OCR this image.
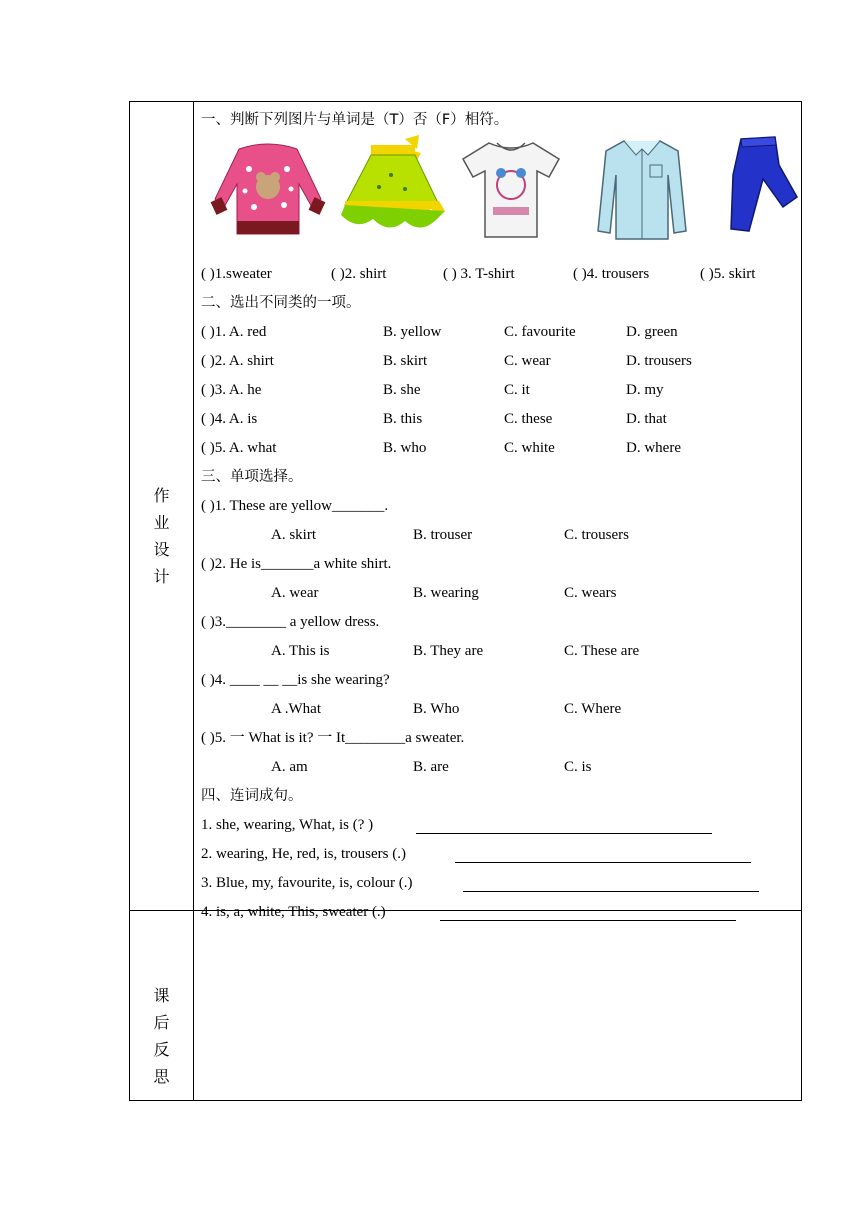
作 业
设 计
课 后
反 思
一、判断下列图片与单词是（T）否（F）相符。
( )1.sweater	( )2. shirt	( ) 3. T-shirt	( )4. trousers	( )5. skirt
二、选出不同类的一项。
( )1. A. red	B. yellow	C. favourite	D. green
( )2. A. shirt	B. skirt	C. wear	D. trousers
( )3. A. he	B. she	C. it	D. my
( )4. A. is	B. this	C. these	D. that
( )5. A. what	B. who	C. white	D. where
三、单项选择。
( )1. These are yellow_______.
A. skirt	B. trouser	C. trousers
( )2. He is_______a white shirt.
A. wear	B. wearing	C. wears
( )3.________ a yellow dress.
A. This is	B. They are	C. These are
( )4. ____ __ __is she wearing?
A .What	B. Who	C. Where
( )5. 一 What is it? 一 It________a sweater.
A. am	B. are	C. is
四、连词成句。
1. she, wearing, What, is (? )
2. wearing, He, red, is, trousers (.)
3. Blue, my, favourite, is, colour (.)
4. is, a, white, This, sweater (.)
